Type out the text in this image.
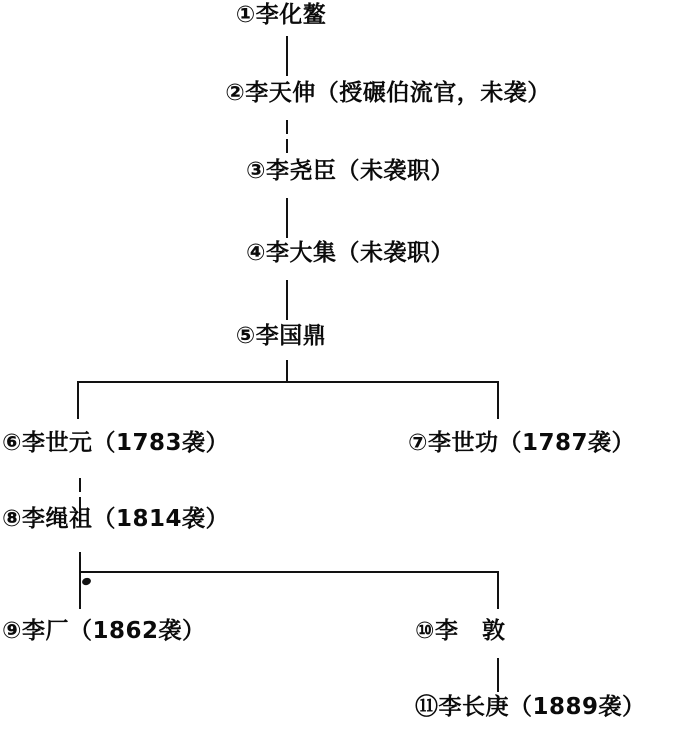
①李化鳌
②李天伸（授碾伯流官，未袭）
③李尧臣（未袭职）
④李大集（未袭职）
⑤李国鼎
⑥李世元（1783袭）	⑦李世功（1787袭）
⑧李绳祖（1814袭）
⑨李厂（1862袭）	⑩李　敦
⑪李长庚（1889袭）
